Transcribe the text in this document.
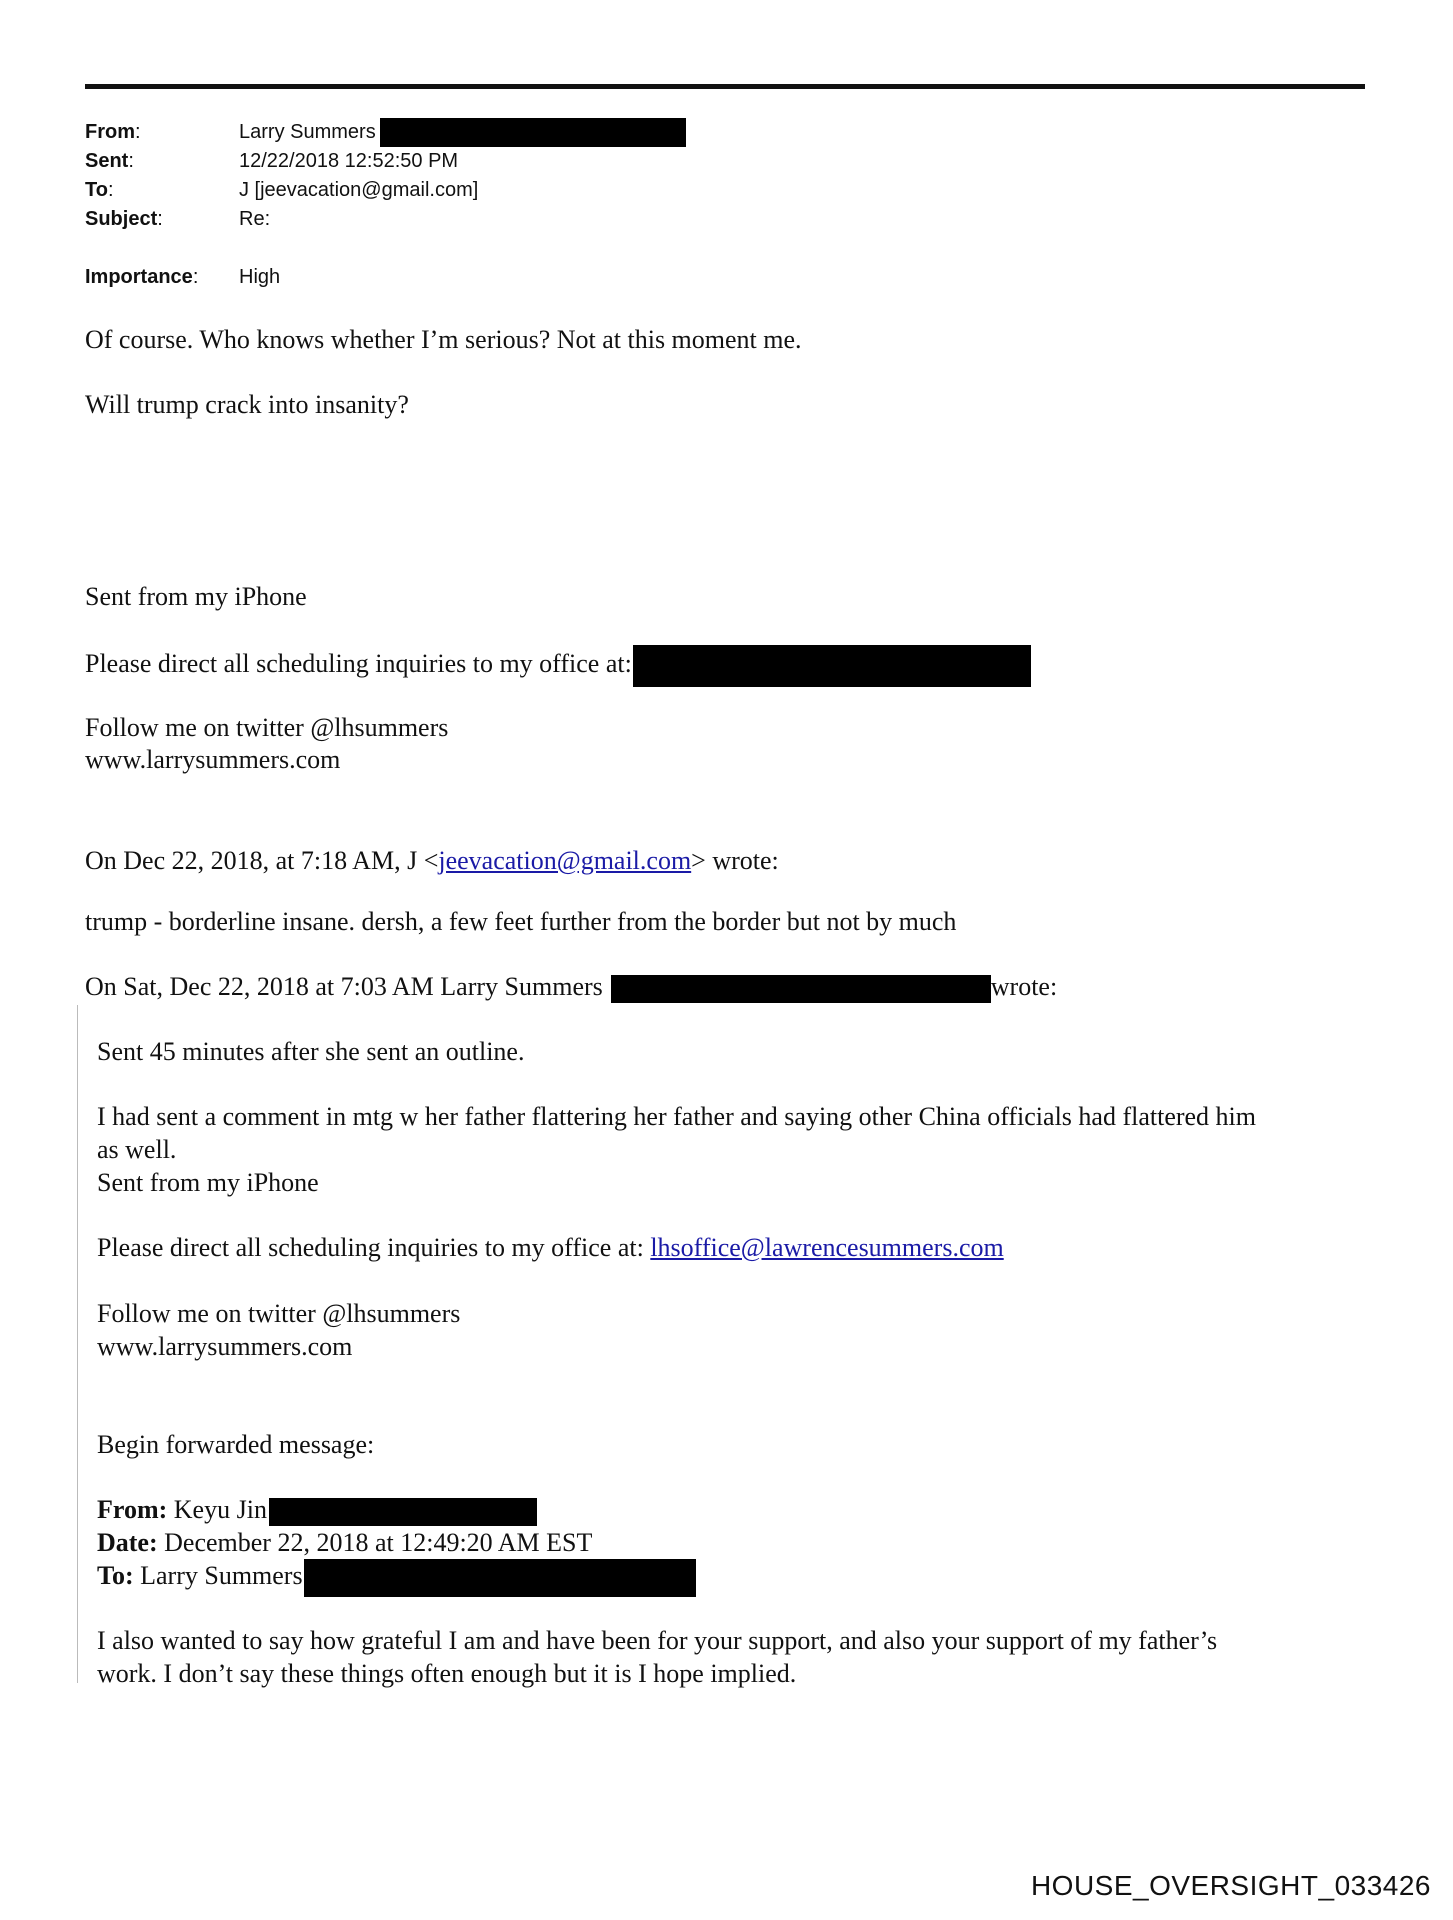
From:	Larry Summers
Sent:	12/22/2018 12:52:50 PM
To:	J [jeevacation@gmail.com]
Subject:	Re:
Importance:	High
Of course. Who knows whether I’m serious? Not at this moment me.
Will trump crack into insanity?
Sent from my iPhone
Please direct all scheduling inquiries to my office at:
Follow me on twitter @lhsummers
www.larrysummers.com
On Dec 22, 2018, at 7:18 AM, J <jeevacation@gmail.com> wrote:
trump - borderline insane. dersh, a few feet further from the border but not by much
On Sat, Dec 22, 2018 at 7:03 AM Larry Summers	wrote:
Sent 45 minutes after she sent an outline.
I had sent a comment in mtg w her father flattering her father and saying other China officials had flattered him
as well.
Sent from my iPhone
Please direct all scheduling inquiries to my office at: lhsoffice@lawrencesummers.com
Follow me on twitter @lhsummers
www.larrysummers.com
Begin forwarded message:
From: Keyu Jin
Date: December 22, 2018 at 12:49:20 AM EST
To: Larry Summers
I also wanted to say how grateful I am and have been for your support, and also your support of my father’s
work. I don’t say these things often enough but it is I hope implied.
HOUSE_OVERSIGHT_033426
